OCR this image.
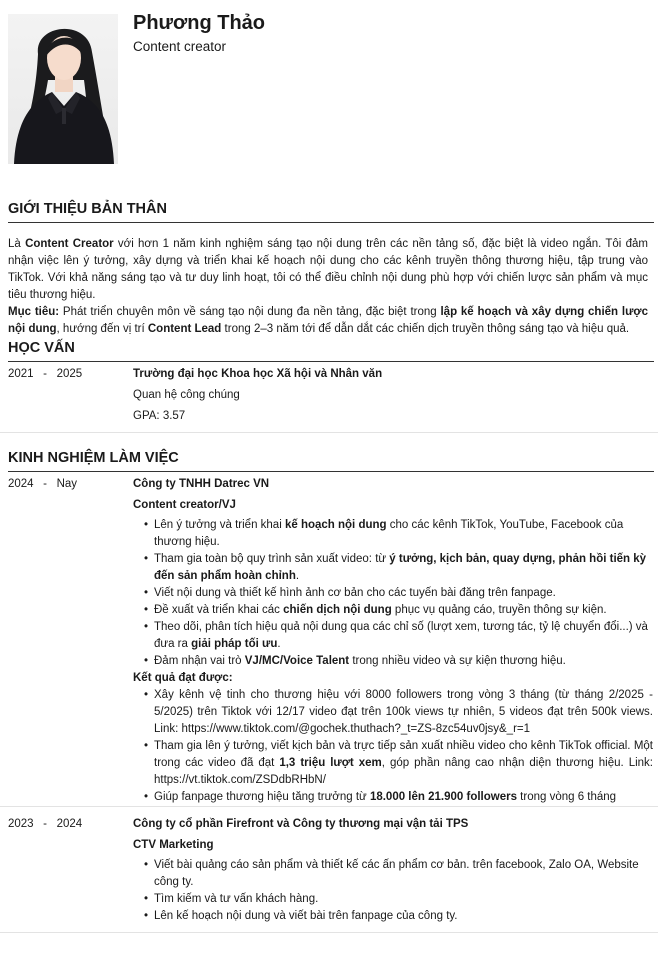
Phương Thảo
Content creator
GIỚI THIỆU BẢN THÂN

Là Content Creator với hơn 1 năm kinh nghiệm sáng tạo nội dung trên các nền tảng số, đặc biệt là video ngắn. Tôi đảm nhận việc lên ý tưởng, xây dựng và triển khai kế hoạch nội dung cho các kênh truyền thông thương hiệu, tập trung vào TikTok. Với khả năng sáng tạo và tư duy linh hoạt, tôi có thể điều chỉnh nội dung phù hợp với chiến lược sản phẩm và mục tiêu thương hiệu.

Mục tiêu: Phát triển chuyên môn về sáng tạo nội dung đa nền tảng, đặc biệt trong lập kế hoạch và xây dựng chiến lược nội dung, hướng đến vị trí Content Lead trong 2–3 năm tới để dẫn dắt các chiến dịch truyền thông sáng tạo và hiệu quả.

HỌC VẤN
2021   -   2025	Trường đại học Khoa học Xã hội và Nhân văn
Quan hệ công chúng
GPA: 3.57
KINH NGHIỆM LÀM VIỆC
2024   -   Nay	Công ty TNHH Datrec VN
Content creator/VJ
• Lên ý tưởng và triển khai kế hoạch nội dung cho các kênh TikTok, YouTube, Facebook của thương hiệu.
• Tham gia toàn bộ quy trình sản xuất video: từ ý tưởng, kịch bản, quay dựng, phản hồi tiến kỳ đến sản phẩm hoàn chỉnh.
• Viết nội dung và thiết kế hình ảnh cơ bản cho các tuyến bài đăng trên fanpage.
• Đề xuất và triển khai các chiến dịch nội dung phục vụ quảng cáo, truyền thông sự kiện.
• Theo dõi, phân tích hiệu quả nội dung qua các chỉ số (lượt xem, tương tác, tỷ lệ chuyển đổi...) và đưa ra giải pháp tối ưu.
• Đảm nhận vai trò VJ/MC/Voice Talent trong nhiều video và sự kiện thương hiệu.
Kết quả đạt được:
• Xây kênh vệ tinh cho thương hiệu với 8000 followers trong vòng 3 tháng (từ tháng 2/2025 - 5/2025) trên Tiktok với 12/17 video đạt trên 100k views tự nhiên, 5 videos đạt trên 500k views. Link: https://www.tiktok.com/@gochek.thuthach?_t=ZS-8zc54uv0jsy&_r=1
• Tham gia lên ý tưởng, viết kịch bản và trực tiếp sản xuất nhiều video cho kênh TikTok official. Một trong các video đã đạt 1,3 triệu lượt xem, góp phần nâng cao nhận diện thương hiệu. Link: https://vt.tiktok.com/ZSDdbRHbN/
• Giúp fanpage thương hiệu tăng trưởng từ 18.000 lên 21.900 followers trong vòng 6 tháng
2023   -   2024	Công ty cổ phần Firefront và Công ty thương mại vận tải TPS
CTV Marketing
• Viết bài quảng cáo sản phẩm và thiết kế các ấn phẩm cơ bản. trên facebook, Zalo OA, Website công ty.
• Tìm kiếm và tư vấn khách hàng.
• Lên kế hoạch nội dung và viết bài trên fanpage của công ty.
